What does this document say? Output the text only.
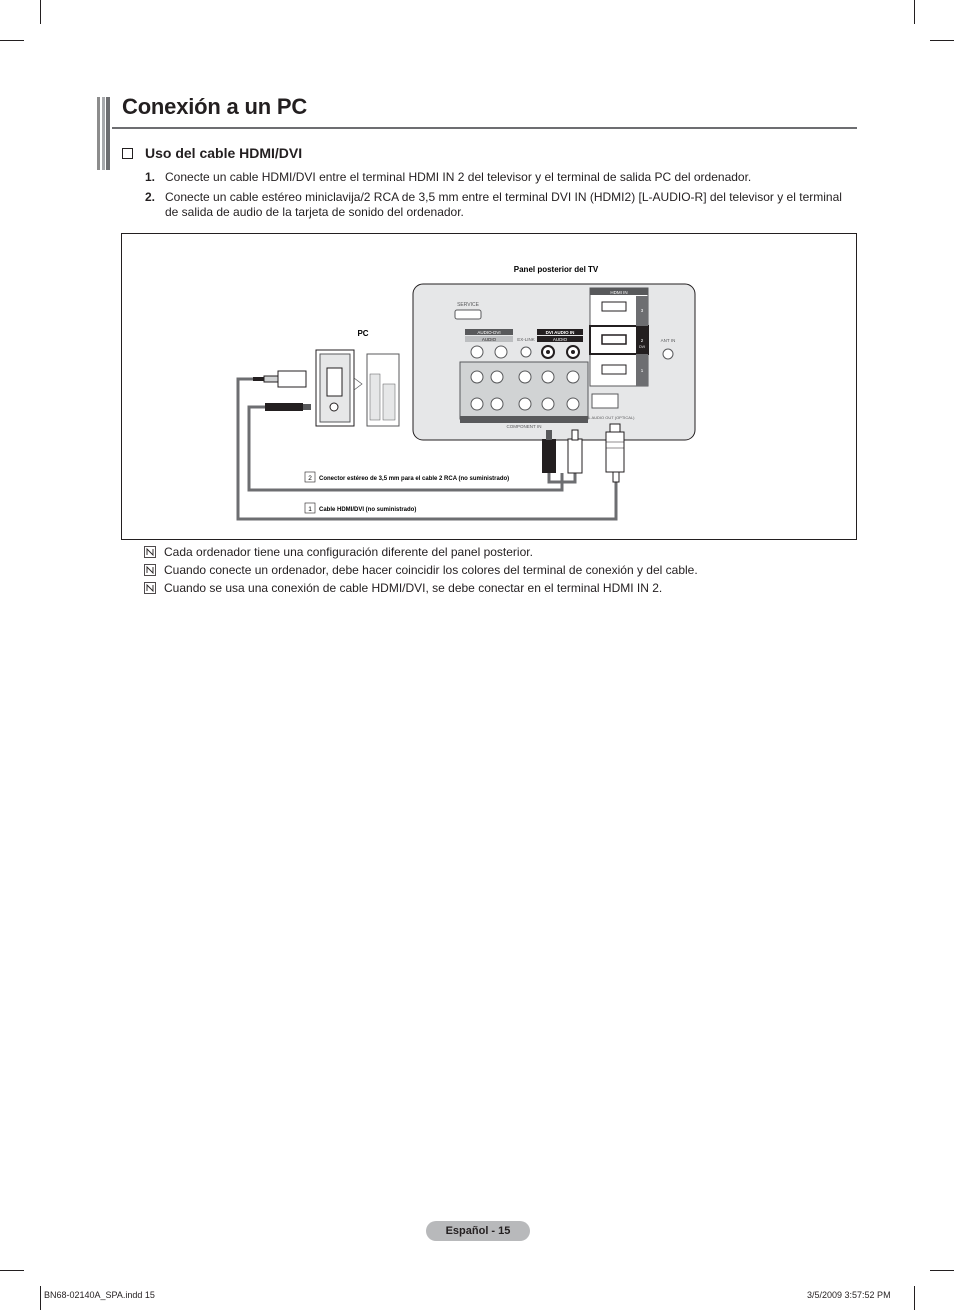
Conexión a un PC
Uso del cable HDMI/DVI
1. Conecte un cable HDMI/DVI entre el terminal HDMI IN 2 del televisor y el terminal de salida PC del ordenador.
2. Conecte un cable estéreo miniclavija/2 RCA de 3,5 mm entre el terminal DVI IN (HDMI2) [L-AUDIO-R] del televisor y el terminal de salida de audio de la tarjeta de sonido del ordenador.
Panel posterior del TV
SERVICE
AUDIO-DVI
AUDIO	EX-LINK
DVI AUDIO IN
AUDIO
COMPONENT IN
DIGITAL AUDIO OUT (OPTICAL)
HDMI IN
3
2
DVI
1
ANT IN
PC
2 Conector estéreo de 3,5 mm para el cable 2 RCA (no suministrado)
1 Cable HDMI/DVI (no suministrado)
Cada ordenador tiene una configuración diferente del panel posterior.
Cuando conecte un ordenador, debe hacer coincidir los colores del terminal de conexión y del cable.
Cuando se usa una conexión de cable HDMI/DVI, se debe conectar en el terminal HDMI IN 2.
Español - 15
BN68-02140A_SPA.indd 15	3/5/2009 3:57:52 PM
